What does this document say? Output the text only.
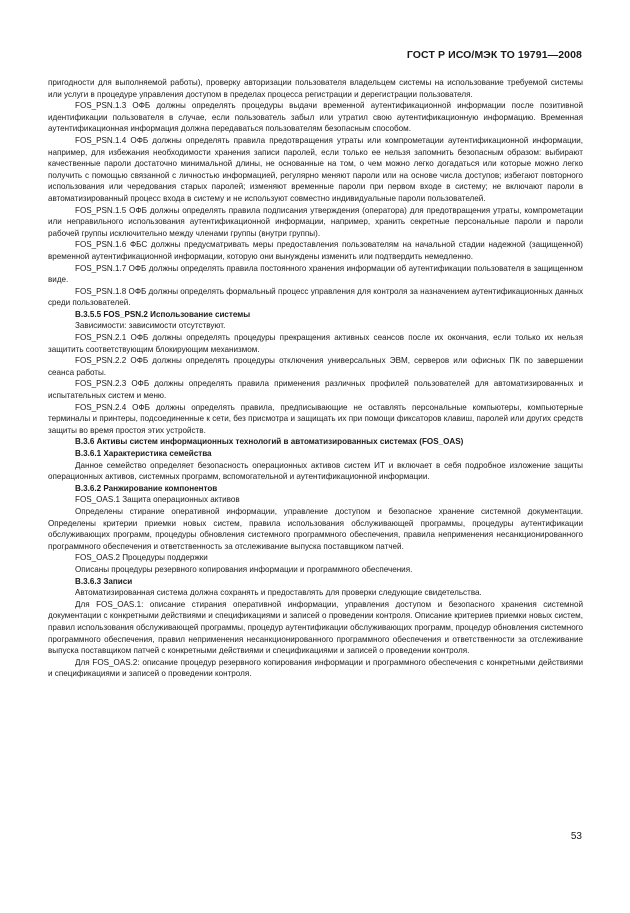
ГОСТ Р ИСО/МЭК ТО 19791—2008

пригодности для выполняемой работы), проверку авторизации пользователя владельцем системы на использование требуемой системы или услуги в процедуре управления доступом в пределах процесса регистрации и дерегистрации пользователя.

FOS_PSN.1.3 ОФБ должны определять процедуры выдачи временной аутентификационной информации после позитивной идентификации пользователя в случае, если пользователь забыл или утратил свою аутентификационную информацию. Временная аутентификационная информация должна передаваться пользователям безопасным способом.

FOS_PSN.1.4 ОФБ должны определять правила предотвращения утраты или компрометации аутентификационной информации, например, для избежания необходимости хранения записи паролей, если только ее нельзя запомнить безопасным образом: выбирают качественные пароли достаточно минимальной длины, не основанные на том, о чем можно легко догадаться или которые можно легко получить с помощью связанной с личностью информацией, регулярно меняют пароли или на основе числа доступов; избегают повторного использования или чередования старых паролей; изменяют временные пароли при первом входе в систему; не включают пароли в автоматизированный процесс входа в систему и не используют совместно индивидуальные пароли пользователей.

FOS_PSN.1.5 ОФБ должны определять правила подписания утверждения (оператора) для предотвращения утраты, компрометации или неправильного использования аутентификационной информации, например, хранить секретные персональные пароли и пароли рабочей группы исключительно между членами группы (внутри группы).

FOS_PSN.1.6 ФБС должны предусматривать меры предоставления пользователям на начальной стадии надежной (защищенной) временной аутентификационной информации, которую они вынуждены изменить или подтвердить немедленно.

FOS_PSN.1.7 ОФБ должны определять правила постоянного хранения информации об аутентификации пользователя в защищенном виде.

FOS_PSN.1.8 ОФБ должны определять формальный процесс управления для контроля за назначением аутентификационных данных среди пользователей.

В.3.5.5 FOS_PSN.2 Использование системы

Зависимости: зависимости отсутствуют.

FOS_PSN.2.1 ОФБ должны определять процедуры прекращения активных сеансов после их окончания, если только их нельзя защитить соответствующим блокирующим механизмом.

FOS_PSN.2.2 ОФБ должны определять процедуры отключения универсальных ЭВМ, серверов или офисных ПК по завершении сеанса работы.

FOS_PSN.2.3 ОФБ должны определять правила применения различных профилей пользователей для автоматизированных и испытательных систем и меню.

FOS_PSN.2.4 ОФБ должны определять правила, предписывающие не оставлять персональные компьютеры, компьютерные терминалы и принтеры, подсоединенные к сети, без присмотра и защищать их при помощи фиксаторов клавиш, паролей или других средств защиты во время простоя этих устройств.

В.3.6 Активы систем информационных технологий в автоматизированных системах (FOS_OAS)

В.3.6.1 Характеристика семейства

Данное семейство определяет безопасность операционных активов систем ИТ и включает в себя подробное изложение защиты операционных активов, системных программ, вспомогательной и аутентификационной информации.

В.3.6.2 Ранжирование компонентов

FOS_OAS.1 Защита операционных активов

Определены стирание оперативной информации, управление доступом и безопасное хранение системной документации. Определены критерии приемки новых систем, правила использования обслуживающей программы, процедуры аутентификации обслуживающих программ, процедуры обновления системного программного обеспечения, правила неприменения несанкционированного программного обеспечения и ответственность за отслеживание выпуска поставщиком патчей.

FOS_OAS.2 Процедуры поддержки

Описаны процедуры резервного копирования информации и программного обеспечения.

В.3.6.3 Записи

Автоматизированная система должна сохранять и предоставлять для проверки следующие свидетельства.

Для FOS_OAS.1: описание стирания оперативной информации, управления доступом и безопасного хранения системной документации с конкретными действиями и спецификациями и записей о проведении контроля. Описание критериев приемки новых систем, правил использования обслуживающей программы, процедур аутентификации обслуживающих программ, процедур обновления системного программного обеспечения, правил неприменения несанкционированного программного обеспечения и ответственности за отслеживание выпуска поставщиком патчей с конкретными действиями и спецификациями и записей о проведении контроля.

Для FOS_OAS.2: описание процедур резервного копирования информации и программного обеспечения с конкретными действиями и спецификациями и записей о проведении контроля.

53
